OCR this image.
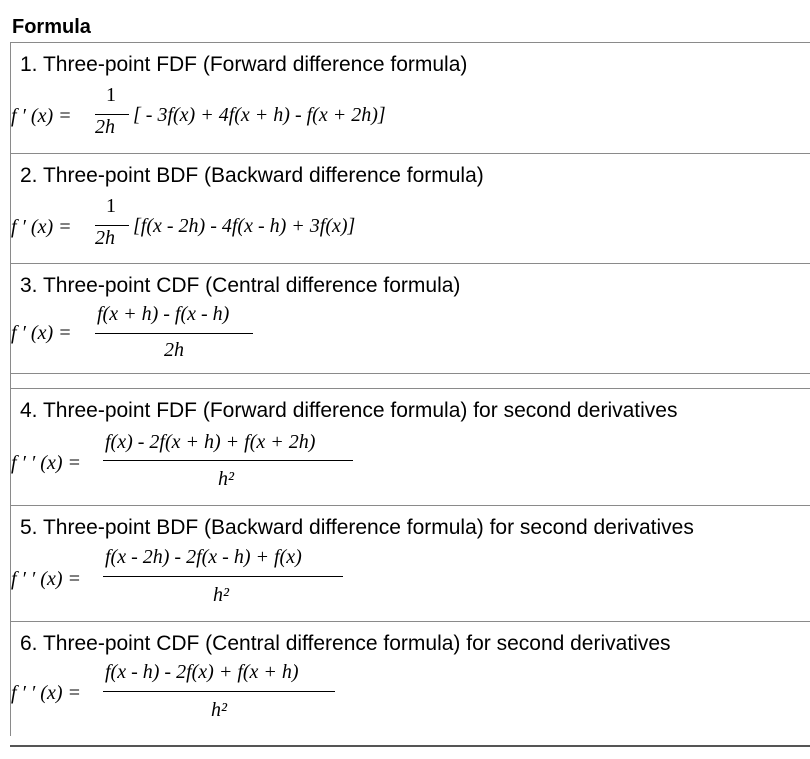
Formula
1. Three-point FDF (Forward difference formula)
f ′ (x) =
1
2h
[ - 3f(x) + 4f(x + h) - f(x + 2h)]
2. Three-point BDF (Backward difference formula)
f ′ (x) =
1
2h
[f(x - 2h) - 4f(x - h) + 3f(x)]
3. Three-point CDF (Central difference formula)
f ′ (x) =
f(x + h) - f(x - h)
2h
4. Three-point FDF (Forward difference formula) for second derivatives
f ′ ′ (x) =
f(x) - 2f(x + h) + f(x + 2h)
h²
5. Three-point BDF (Backward difference formula) for second derivatives
f ′ ′ (x) =
f(x - 2h) - 2f(x - h) + f(x)
h²
6. Three-point CDF (Central difference formula) for second derivatives
f ′ ′ (x) =
f(x - h) - 2f(x) + f(x + h)
h²
